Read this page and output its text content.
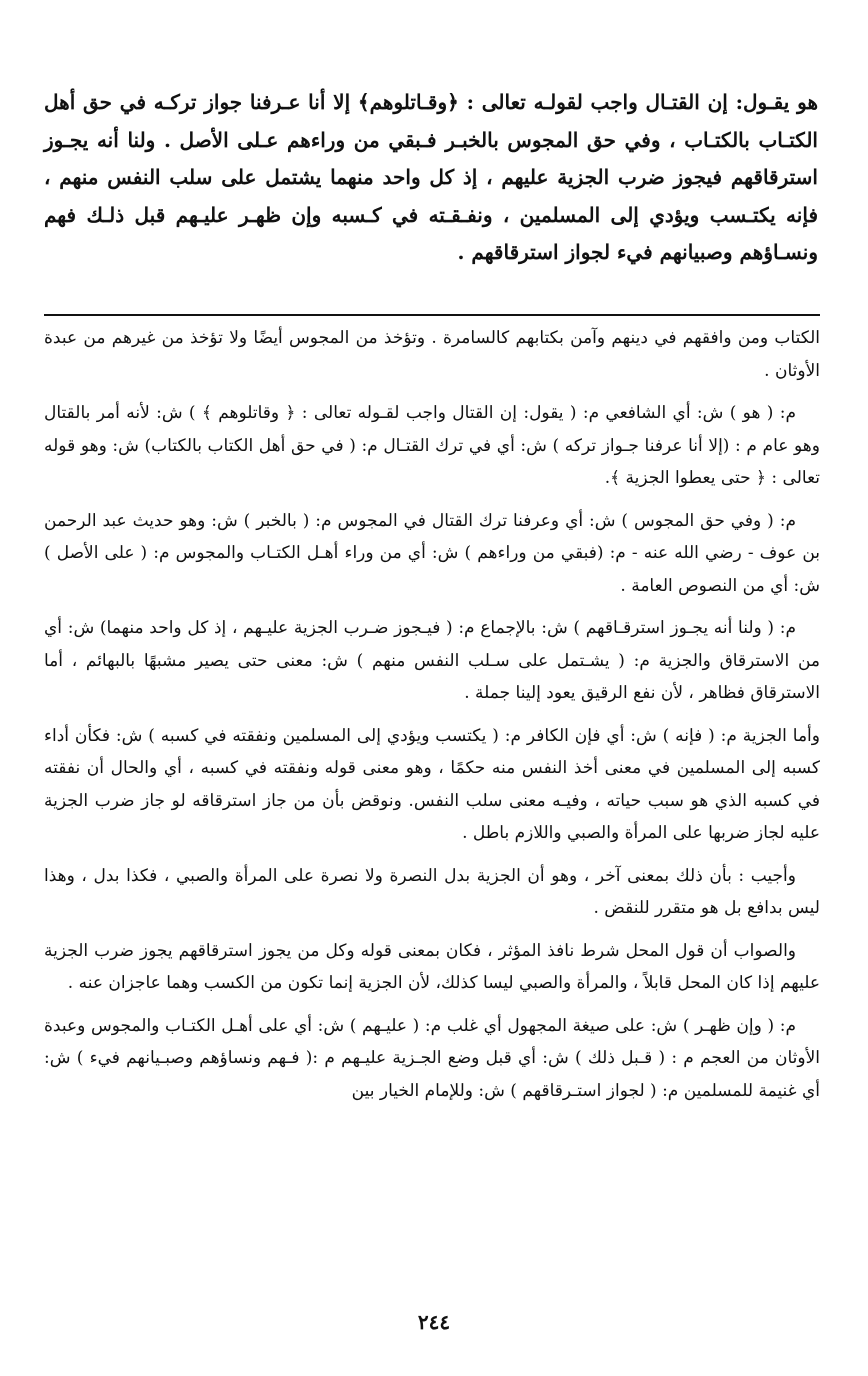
هو يقـول: إن القتـال واجب لقولـه تعالى : ﴿وقـاتلوهم﴾ إلا أنا عـرفنا جواز تركـه في حق أهل الكتـاب بالكتـاب ، وفي حق المجوس بالخبـر فـبقي من وراءهم عـلى الأصل . ولنا أنه يجـوز استرقاقهم فيجوز ضرب الجزية عليهم ، إذ كل واحد منهما يشتمل على سلب النفس منهم ، فإنه يكتـسب ويؤدي إلى المسلمين ، ونفـقـته في كـسبه وإن ظهـر عليـهم قبل ذلـك فهم ونسـاؤهم وصبيانهم فيء لجواز استرقاقهم .

الكتاب ومن وافقهم في دينهم وآمن بكتابهم كالسامرة . وتؤخذ من المجوس أيضًا ولا تؤخذ من غيرهم من عبدة الأوثان .

م: ( هو ) ش: أي الشافعي م: ( يقول: إن القتال واجب لقـوله تعالى : ﴿ وقاتلوهم ﴾ ) ش: لأنه أمر بالقتال وهو عام م : (إلا أنا عرفنا جـواز تركه ) ش: أي في ترك القتـال م: ( في حق أهل الكتاب بالكتاب) ش: وهو قوله تعالى : ﴿ حتى يعطوا الجزية ﴾.

م: ( وفي حق المجوس ) ش: أي وعرفنا ترك القتال في المجوس م: ( بالخبر ) ش: وهو حديث عبد الرحمن بن عوف - رضي الله عنه - م: (فبقي من وراءهم ) ش: أي من وراء أهـل الكتـاب والمجوس م: ( على الأصل ) ش: أي من النصوص العامة .

م: ( ولنا أنه يجـوز استرقـاقهم ) ش: بالإجماع م: ( فيـجوز ضـرب الجزية عليـهم ، إذ كل واحد منهما) ش: أي من الاسترقاق والجزية م: ( يشـتمل على سـلب النفس منهم ) ش: معنى حتى يصير مشبهًا بالبهائم ، أما الاسترقاق فظاهر ، لأن نفع الرقيق يعود إلينا جملة .

وأما الجزية م: ( فإنه ) ش: أي فإن الكافر م: ( يكتسب ويؤدي إلى المسلمين ونفقته في كسبه ) ش: فكأن أداء كسبه إلى المسلمين في معنى أخذ النفس منه حكمًا ، وهو معنى قوله ونفقته في كسبه ، أي والحال أن نفقته في كسبه الذي هو سبب حياته ، وفيـه معنى سلب النفس. ونوقض بأن من جاز استرقاقه لو جاز ضرب الجزية عليه لجاز ضربها على المرأة والصبي واللازم باطل .

وأجيب : بأن ذلك بمعنى آخر ، وهو أن الجزية بدل النصرة ولا نصرة على المرأة والصبي ، فكذا بدل ، وهذا ليس بدافع بل هو متقرر للنقض .

والصواب أن قول المحل شرط نافذ المؤثر ، فكان بمعنى قوله وكل من يجوز استرقاقهم يجوز ضرب الجزية عليهم إذا كان المحل قابلاً ، والمرأة والصبي ليسا كذلك، لأن الجزية إنما تكون من الكسب وهما عاجزان عنه .

م: ( وإن ظهـر ) ش: على صيغة المجهول أي غلب م: ( عليـهم ) ش: أي على أهـل الكتـاب والمجوس وعبدة الأوثان من العجم م : ( قـبل ذلك ) ش: أي قبل وضع الجـزية عليـهم م :( فـهم ونساؤهم وصبـيانهم فيء ) ش: أي غنيمة للمسلمين م: ( لجواز استـرقاقهم ) ش: وللإمام الخيار بين

٢٤٤
